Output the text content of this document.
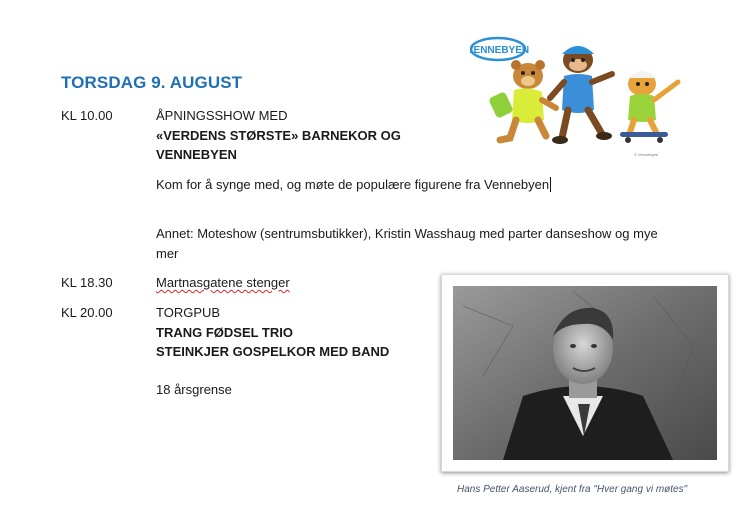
TORSDAG 9. AUGUST
VENNEBYEN
© Vennebyen
KL 10.00	ÅPNINGSSHOW MED
«VERDENS STØRSTE» BARNEKOR OG
VENNEBYEN
Kom for å synge med, og møte de populære figurene fra Vennebyen
Annet: Moteshow (sentrumsbutikker), Kristin Wasshaug med parter danseshow og mye mer
KL 18.30	Martnasgatene stenger
KL 20.00	TORGPUB
TRANG FØDSEL TRIO
STEINKJER GOSPELKOR MED BAND
18 årsgrense
Hans Petter Aaserud, kjent fra "Hver gang vi møtes"
